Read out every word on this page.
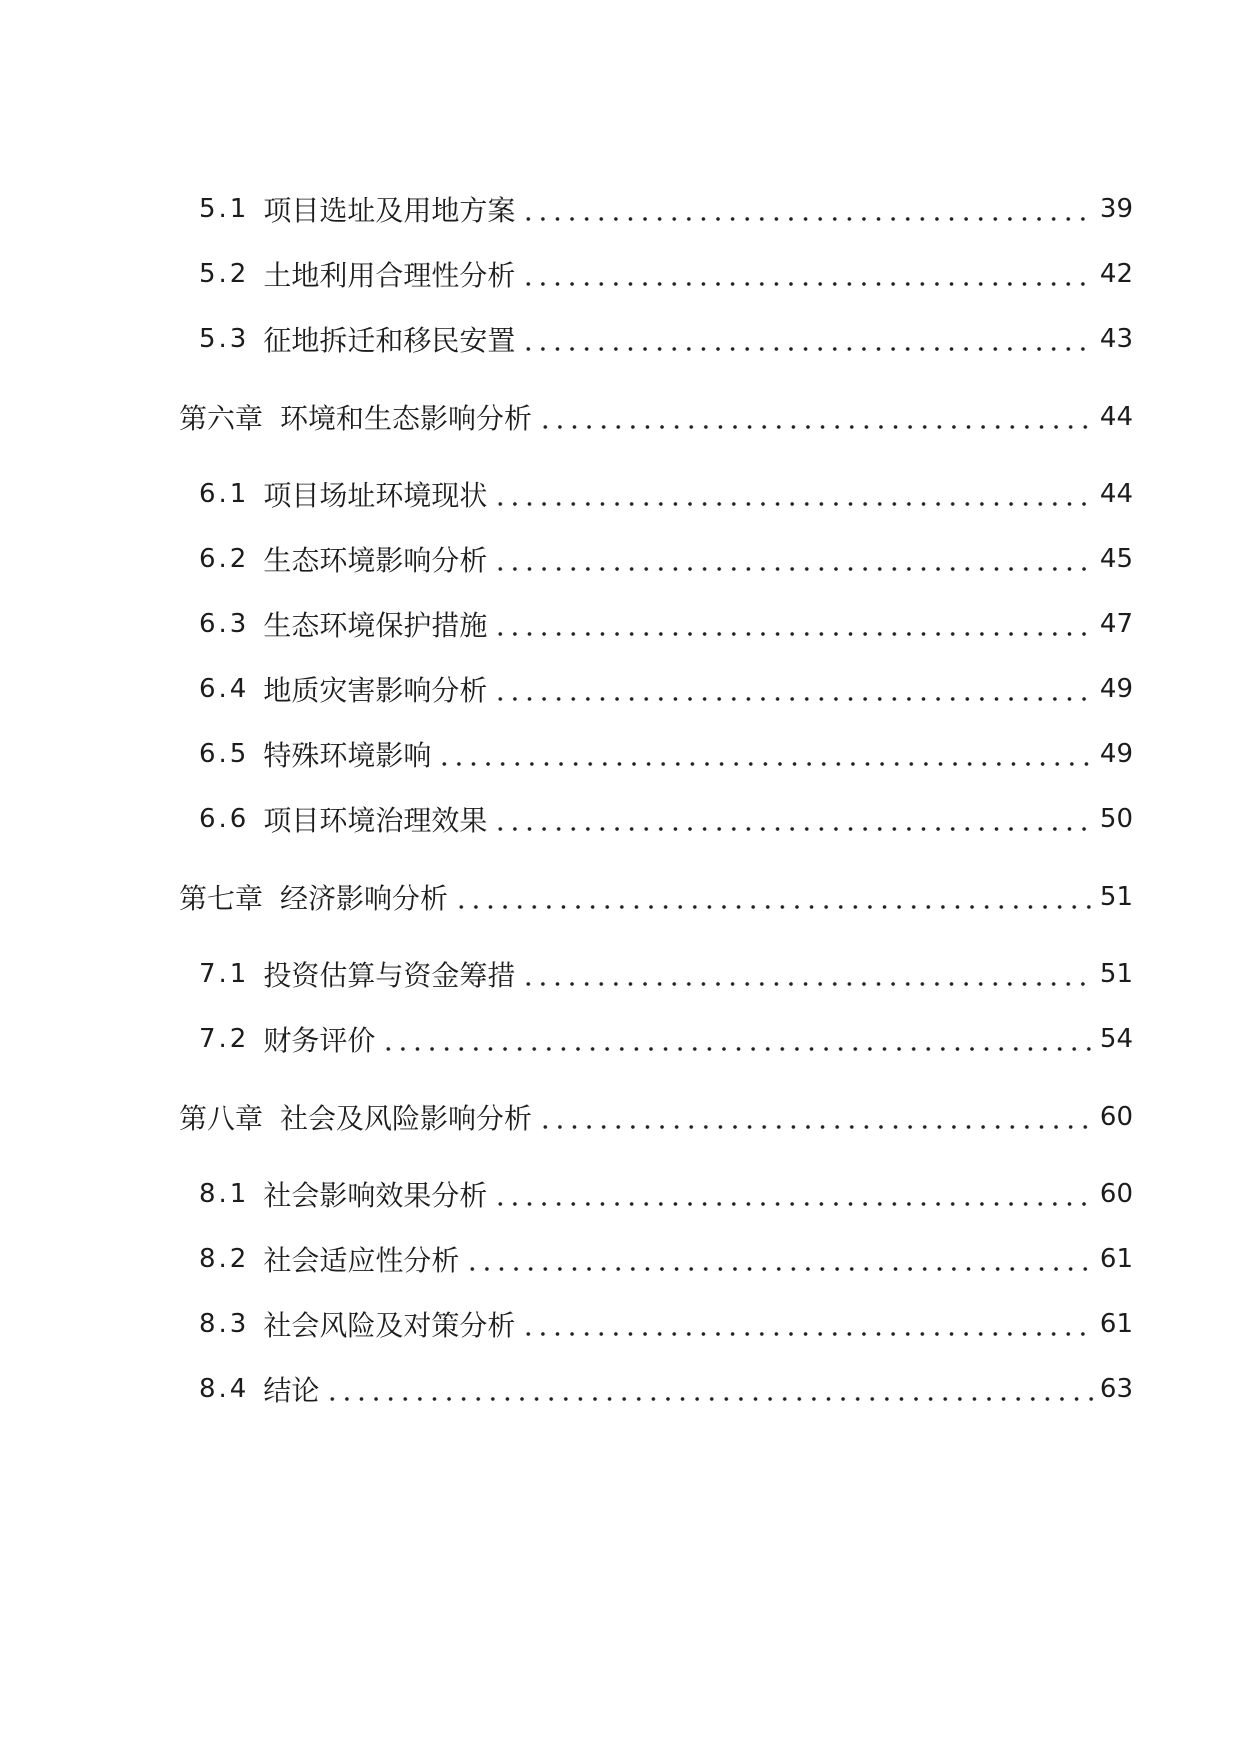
5.1 项目选址及用地方案	39
5.2 土地利用合理性分析	42
5.3 征地拆迁和移民安置	43
第六章 环境和生态影响分析	44
6.1 项目场址环境现状	44
6.2 生态环境影响分析	45
6.3 生态环境保护措施	47
6.4 地质灾害影响分析	49
6.5 特殊环境影响	49
6.6 项目环境治理效果	50
第七章 经济影响分析	51
7.1 投资估算与资金筹措	51
7.2 财务评价	54
第八章 社会及风险影响分析	60
8.1 社会影响效果分析	60
8.2 社会适应性分析	61
8.3 社会风险及对策分析	61
8.4 结论	63
